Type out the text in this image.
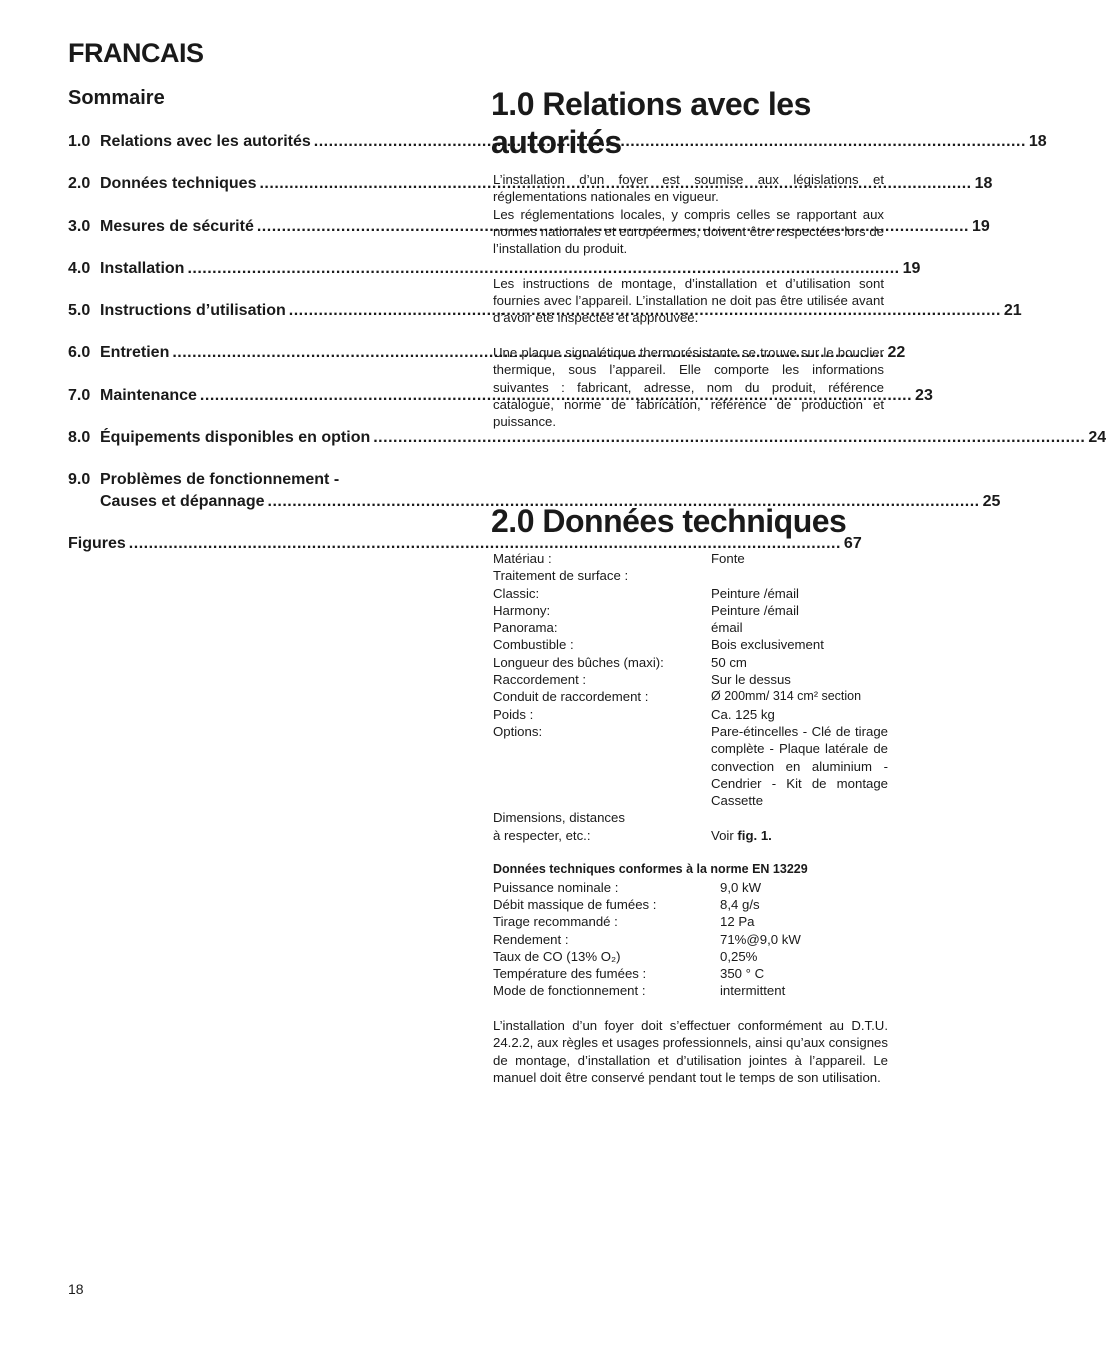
FRANCAIS
Sommaire
1.0 Relations avec les autorités .....	18
2.0 Données techniques .....	18
3.0 Mesures de sécurité .....	19
4.0 Installation .....	19
5.0 Instructions d’utilisation .....	21
6.0 Entretien .....	22
7.0 Maintenance .....	23
8.0 Équipements disponibles en option .....	24
9.0 Problèmes de fonctionnement -
Causes et dépannage .....	25
Figures .....	67
1.0 Relations avec les autorités

L’installation d’un foyer est soumise aux législations et réglementations nationales en vigueur.

Les réglementations locales, y compris celles se rapportant aux normes nationales et européennes, doivent être respectées lors de l’installation du produit.

Les instructions de montage, d’installation et d’utilisation sont fournies avec l’appareil. L’installation ne doit pas être utilisée avant d’avoir été inspectée et approuvée.

Une plaque signalétique thermorésistante se trouve sur le bouclier thermique, sous l’appareil. Elle comporte les informations suivantes : fabricant, adresse, nom du produit, référence catalogue, norme de fabrication, référence de production et puissance.

2.0 Données techniques
Matériau :	Fonte
Traitement de surface :
Classic:	Peinture /émail
Harmony:	Peinture /émail
Panorama:	émail
Combustible :	Bois exclusivement
Longueur des bûches (maxi):	50 cm
Raccordement :	Sur le dessus
Conduit de raccordement :	Ø 200mm/ 314 cm² section
Poids :	Ca. 125 kg
Options:	Pare-étincelles - Clé de tirage complète - Plaque latérale de convection en aluminium - Cendrier - Kit de montage Cassette
Dimensions, distances
à respecter, etc.:	Voir fig. 1.
Données techniques conformes à la norme EN 13229
Puissance nominale :	9,0 kW
Débit massique de fumées :	8,4 g/s
Tirage recommandé :	12 Pa
Rendement :	71%@9,0 kW
Taux de CO (13% O₂)	0,25%
Température des fumées :	350 ° C
Mode de fonctionnement :	intermittent

L’installation d’un foyer doit s’effectuer conformément au D.T.U. 24.2.2, aux règles et usages professionnels, ainsi qu’aux consignes de montage, d’installation et d’utilisation jointes à l’appareil. Le manuel doit être conservé pendant tout le temps de son utilisation.

18
